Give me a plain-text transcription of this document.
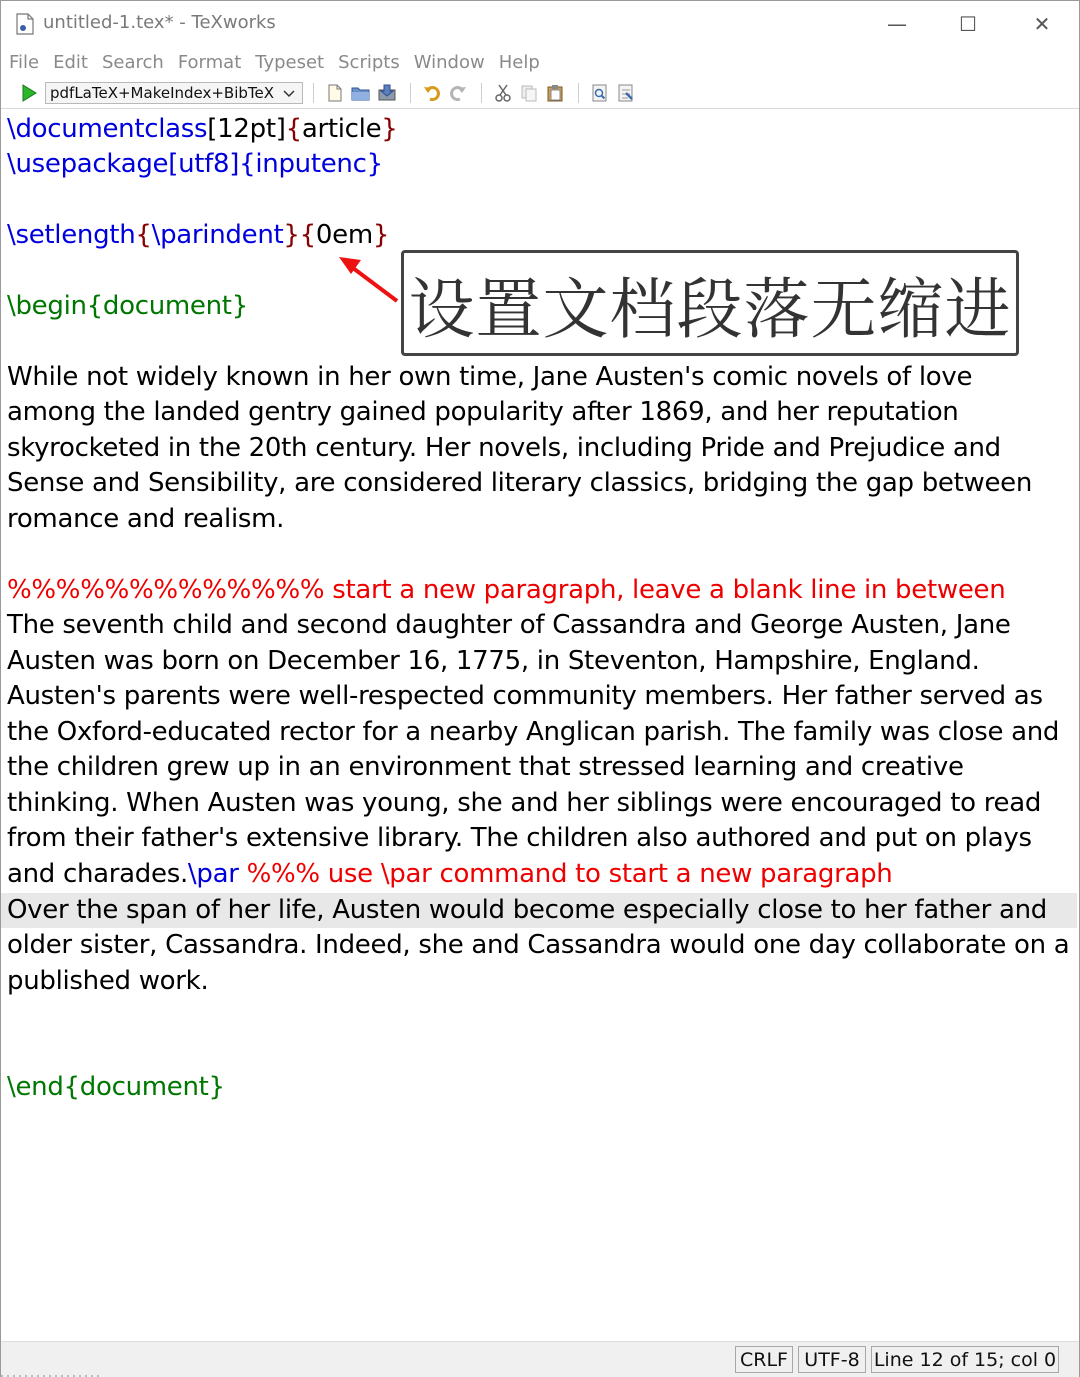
untitled-1.tex* - TeXworks	—	☐	✕
File Edit Search Format Typeset Scripts Window Help
pdfLaTeX+MakeIndex+BibTeX
\documentclass[12pt]{article}
\usepackage[utf8]{inputenc}
\setlength{\parindent}{0em}
\begin{document}
While not widely known in her own time, Jane Austen's comic novels of love
among the landed gentry gained popularity after 1869, and her reputation
skyrocketed in the 20th century. Her novels, including Pride and Prejudice and
Sense and Sensibility, are considered literary classics, bridging the gap between
romance and realism.
%%%%%%%%%%%%% start a new paragraph, leave a blank line in between
The seventh child and second daughter of Cassandra and George Austen, Jane
Austen was born on December 16, 1775, in Steventon, Hampshire, England.
Austen's parents were well-respected community members. Her father served as
the Oxford-educated rector for a nearby Anglican parish. The family was close and
the children grew up in an environment that stressed learning and creative
thinking. When Austen was young, she and her siblings were encouraged to read
from their father's extensive library. The children also authored and put on plays
and charades.\par %%% use \par command to start a new paragraph
Over the span of her life, Austen would become especially close to her father and
older sister, Cassandra. Indeed, she and Cassandra would one day collaborate on a
published work.
\end{document}
设置文档段落无缩进
CRLF UTF-8 Line 12 of 15; col 0
